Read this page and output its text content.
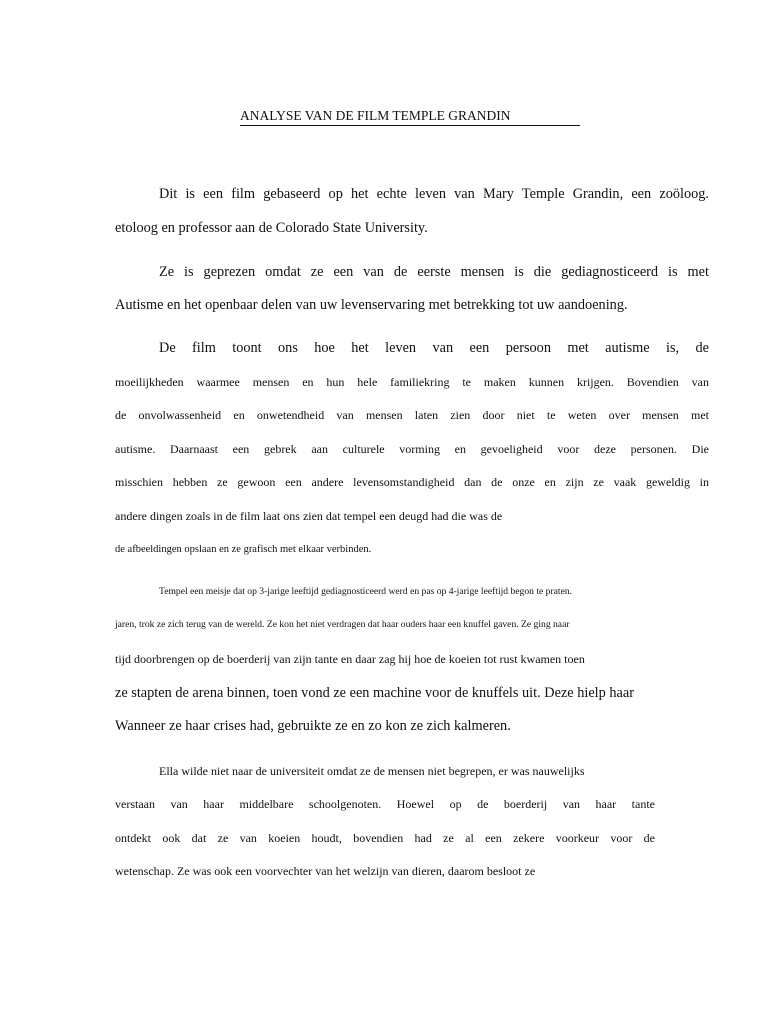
ANALYSE VAN DE FILM TEMPLE GRANDIN
Dit is een film gebaseerd op het echte leven van Mary Temple Grandin, een zoöloog.
etoloog en professor aan de Colorado State University.
Ze is geprezen omdat ze een van de eerste mensen is die gediagnosticeerd is met
Autisme en het openbaar delen van uw levenservaring met betrekking tot uw aandoening.
De film toont ons hoe het leven van een persoon met autisme is, de
moeilijkheden waarmee mensen en hun hele familiekring te maken kunnen krijgen. Bovendien van
de onvolwassenheid en onwetendheid van mensen laten zien door niet te weten over mensen met
autisme. Daarnaast een gebrek aan culturele vorming en gevoeligheid voor deze personen. Die
misschien hebben ze gewoon een andere levensomstandigheid dan de onze en zijn ze vaak geweldig in
andere dingen zoals in de film laat ons zien dat tempel een deugd had die was de
de afbeeldingen opslaan en ze grafisch met elkaar verbinden.
Tempel een meisje dat op 3-jarige leeftijd gediagnosticeerd werd en pas op 4-jarige leeftijd begon te praten.
jaren, trok ze zich terug van de wereld. Ze kon het niet verdragen dat haar ouders haar een knuffel gaven. Ze ging naar
tijd doorbrengen op de boerderij van zijn tante en daar zag hij hoe de koeien tot rust kwamen toen
ze stapten de arena binnen, toen vond ze een machine voor de knuffels uit. Deze hielp haar
Wanneer ze haar crises had, gebruikte ze en zo kon ze zich kalmeren.
Ella wilde niet naar de universiteit omdat ze de mensen niet begrepen, er was nauwelijks
verstaan van haar middelbare schoolgenoten. Hoewel op de boerderij van haar tante
ontdekt ook dat ze van koeien houdt, bovendien had ze al een zekere voorkeur voor de
wetenschap. Ze was ook een voorvechter van het welzijn van dieren, daarom besloot ze
